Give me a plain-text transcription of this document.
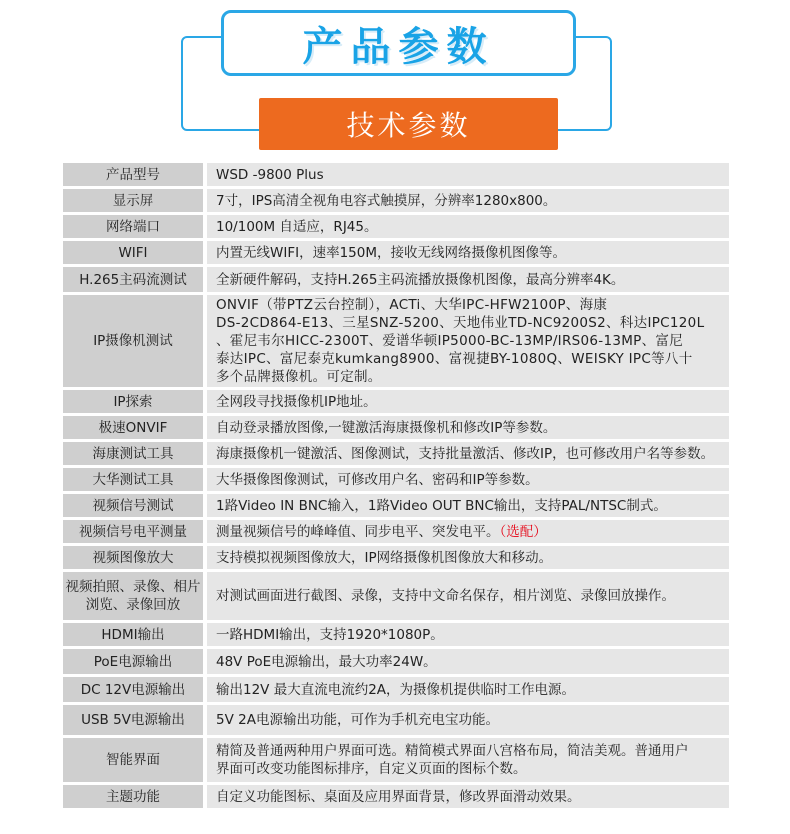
产品参数
技术参数
产品型号		WSD -9800 Plus
显示屏		7寸，IPS高清全视角电容式触摸屏，分辨率1280x800。
网络端口		10/100M 自适应，RJ45。
WIFI		内置无线WIFI，速率150M，接收无线网络摄像机图像等。
H.265主码流测试		全新硬件解码，支持H.265主码流播放摄像机图像，最高分辨率4K。
IP摄像机测试		ONVIF（带PTZ云台控制），ACTi、大华IPC-HFW2100P、海康
DS-2CD864-E13、三星SNZ-5200、天地伟业TD-NC9200S2、科达IPC120L
、霍尼韦尔HICC-2300T、爱谱华顿IP5000-BC-13MP/IRS06-13MP、富尼
泰达IPC、富尼泰克kumkang8900、富视捷BY-1080Q、WEISKY IPC等八十
多个品牌摄像机。可定制。

IP探索		全网段寻找摄像机IP地址。
极速ONVIF		自动登录播放图像,一键激活海康摄像机和修改IP等参数。
海康测试工具		海康摄像机一键激活、图像测试，支持批量激活、修改IP，也可修改用户名等参数。
大华测试工具		大华摄像图像测试，可修改用户名、密码和IP等参数。
视频信号测试		1路Video IN BNC输入，1路Video OUT BNC输出，支持PAL/NTSC制式。
视频信号电平测量		测量视频信号的峰峰值、同步电平、突发电平。（选配）
视频图像放大		支持模拟视频图像放大，IP网络摄像机图像放大和移动。

视频拍照、录像、相片
浏览、录像回放		对测试画面进行截图、录像，支持中文命名保存，相片浏览、录像回放操作。
HDMI输出		一路HDMI输出，支持1920*1080P。
PoE电源输出		48V PoE电源输出，最大功率24W。
DC 12V电源输出		输出12V 最大直流电流约2A，为摄像机提供临时工作电源。
USB 5V电源输出		5V 2A电源输出功能，可作为手机充电宝功能。
智能界面		精简及普通两种用户界面可选。精简模式界面八宫格布局，简洁美观。普通用户
界面可改变功能图标排序，自定义页面的图标个数。

主题功能		自定义功能图标、桌面及应用界面背景，修改界面滑动效果。
